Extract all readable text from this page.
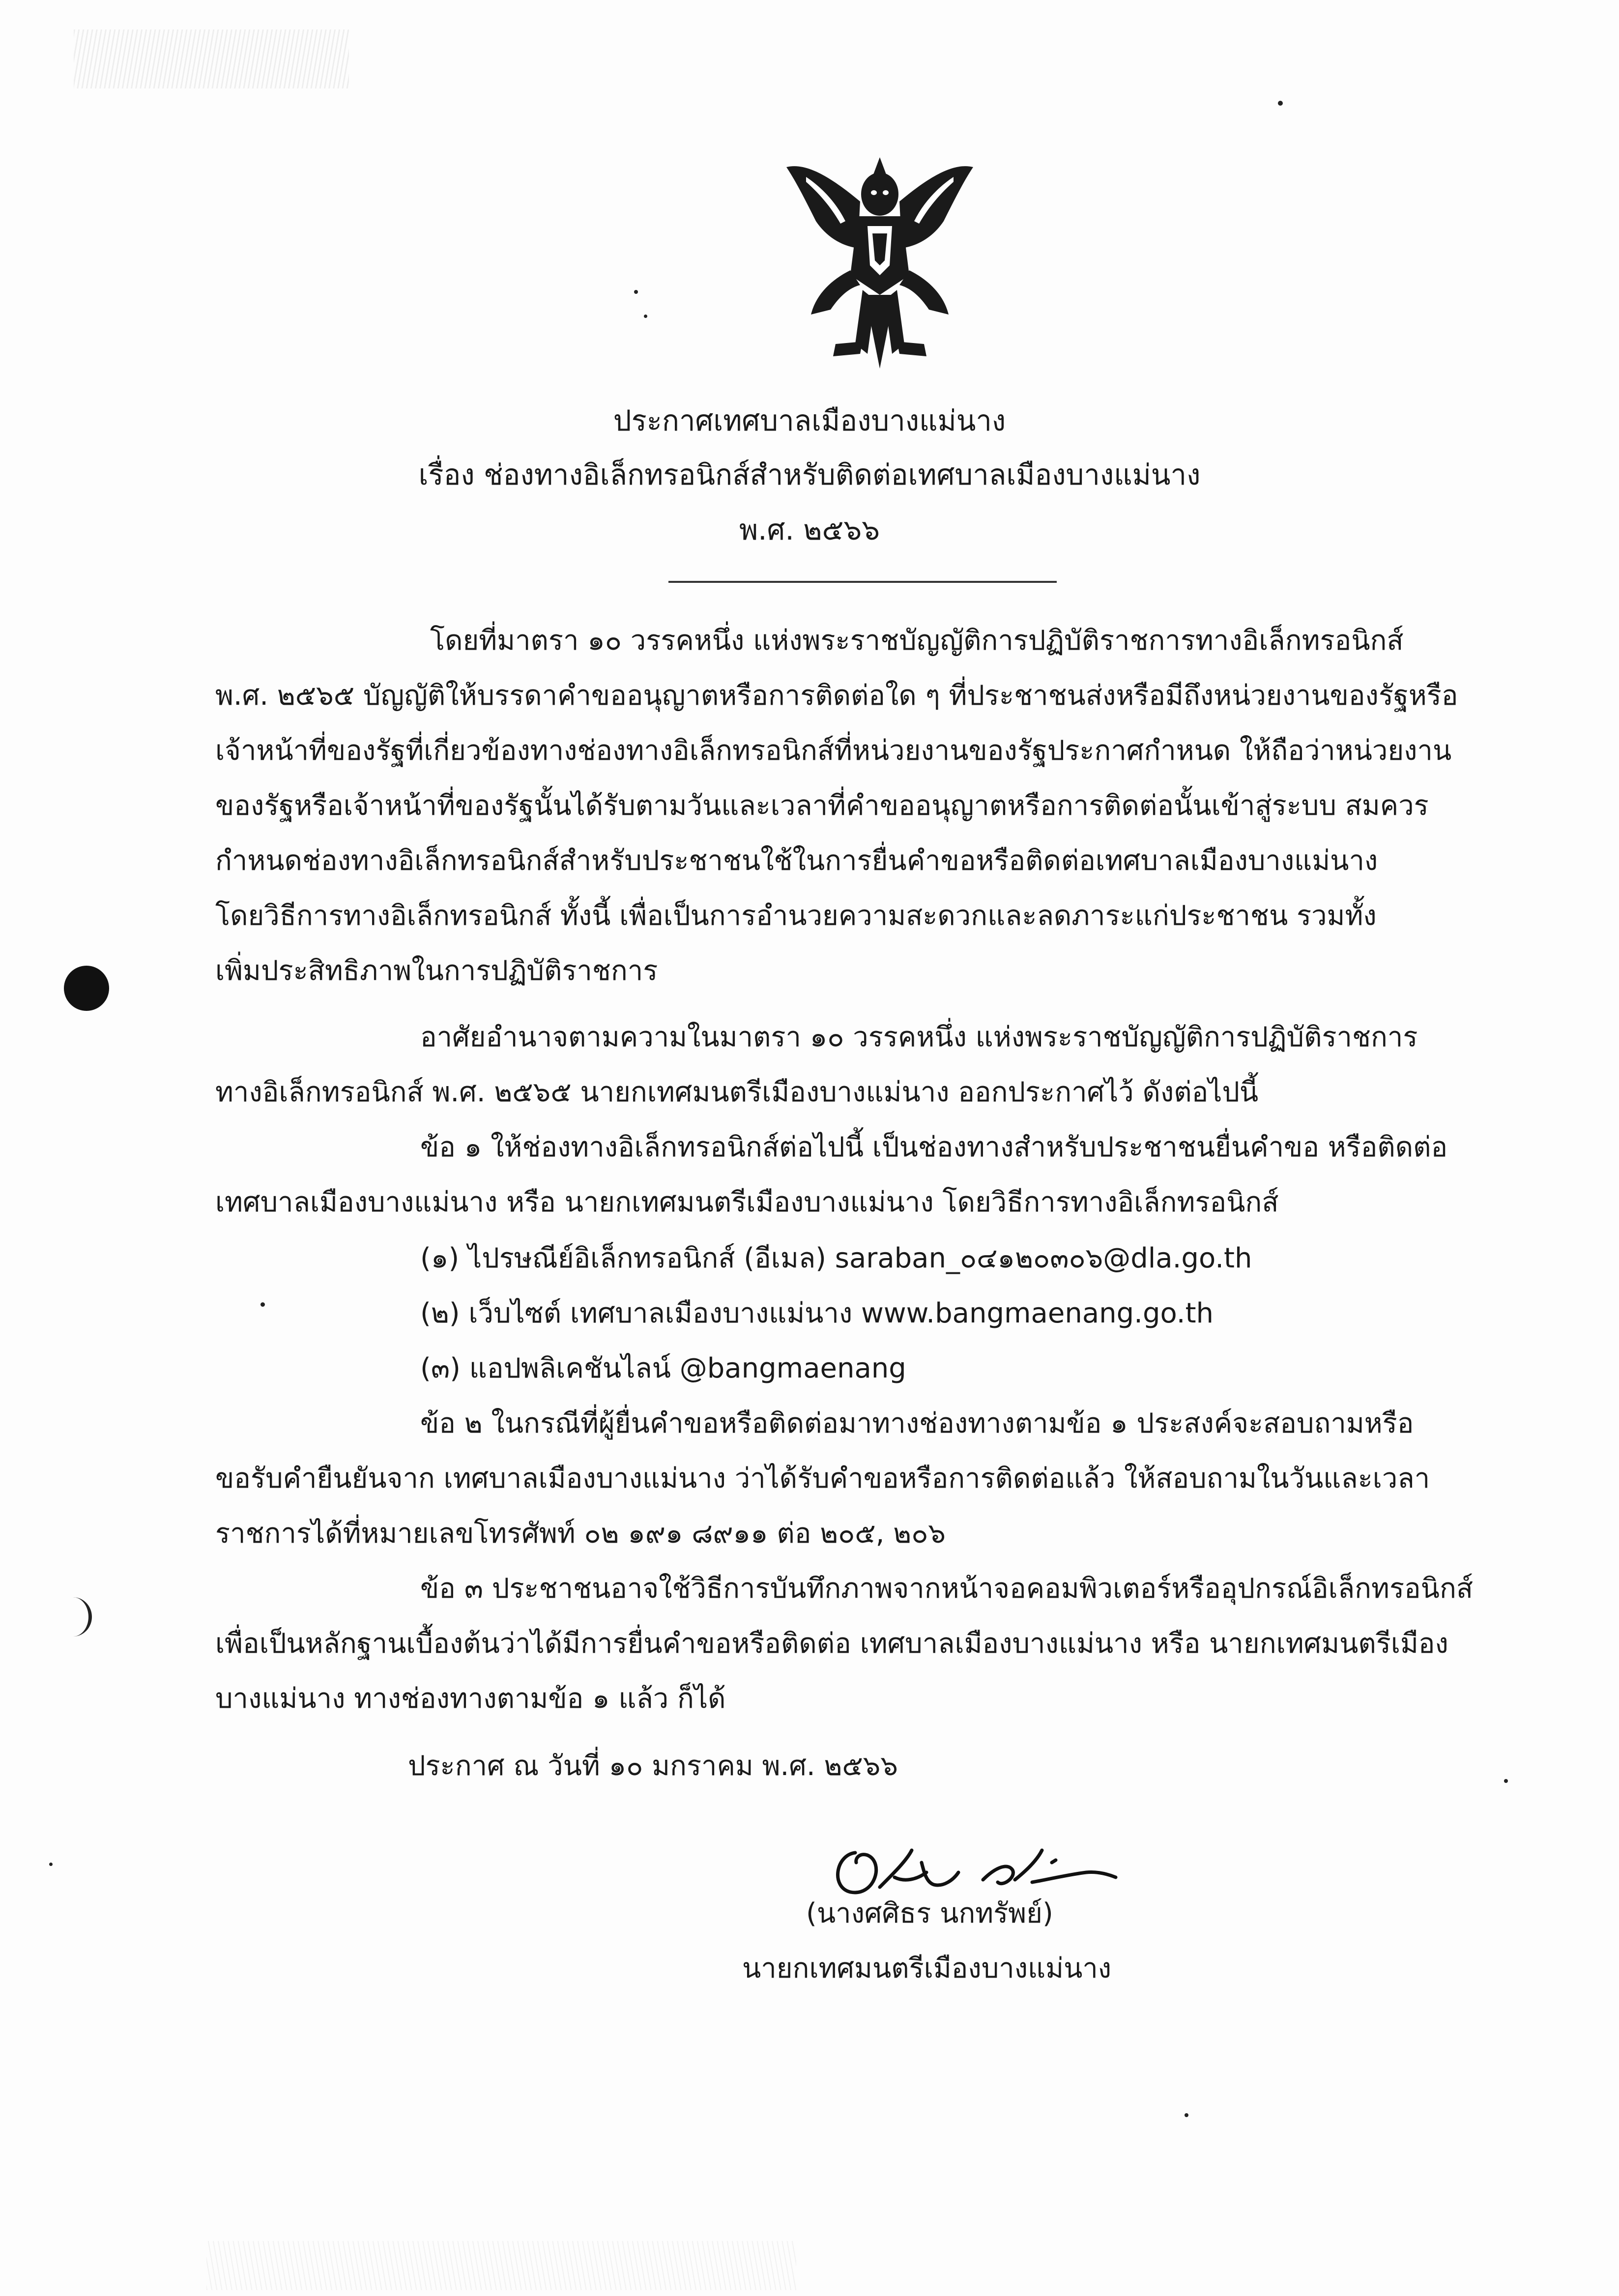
ประกาศเทศบาลเมืองบางแม่นาง
เรื่อง ช่องทางอิเล็กทรอนิกส์สำหรับติดต่อเทศบาลเมืองบางแม่นาง
พ.ศ. ๒๕๖๖
โดยที่มาตรา ๑๐ วรรคหนึ่ง แห่งพระราชบัญญัติการปฏิบัติราชการทางอิเล็กทรอนิกส์
พ.ศ. ๒๕๖๕ บัญญัติให้บรรดาคำขออนุญาตหรือการติดต่อใด ๆ ที่ประชาชนส่งหรือมีถึงหน่วยงานของรัฐหรือ
เจ้าหน้าที่ของรัฐที่เกี่ยวข้องทางช่องทางอิเล็กทรอนิกส์ที่หน่วยงานของรัฐประกาศกำหนด ให้ถือว่าหน่วยงาน
ของรัฐหรือเจ้าหน้าที่ของรัฐนั้นได้รับตามวันและเวลาที่คำขออนุญาตหรือการติดต่อนั้นเข้าสู่ระบบ สมควร
กำหนดช่องทางอิเล็กทรอนิกส์สำหรับประชาชนใช้ในการยื่นคำขอหรือติดต่อเทศบาลเมืองบางแม่นาง
โดยวิธีการทางอิเล็กทรอนิกส์ ทั้งนี้ เพื่อเป็นการอำนวยความสะดวกและลดภาระแก่ประชาชน รวมทั้ง
เพิ่มประสิทธิภาพในการปฏิบัติราชการ
อาศัยอำนาจตามความในมาตรา ๑๐ วรรคหนึ่ง แห่งพระราชบัญญัติการปฏิบัติราชการ
ทางอิเล็กทรอนิกส์ พ.ศ. ๒๕๖๕ นายกเทศมนตรีเมืองบางแม่นาง ออกประกาศไว้ ดังต่อไปนี้
ข้อ ๑ ให้ช่องทางอิเล็กทรอนิกส์ต่อไปนี้ เป็นช่องทางสำหรับประชาชนยื่นคำขอ หรือติดต่อ
เทศบาลเมืองบางแม่นาง หรือ นายกเทศมนตรีเมืองบางแม่นาง โดยวิธีการทางอิเล็กทรอนิกส์
(๑) ไปรษณีย์อิเล็กทรอนิกส์ (อีเมล) saraban_๐๔๑๒๐๓๐๖@dla.go.th
(๒) เว็บไซต์ เทศบาลเมืองบางแม่นาง www.bangmaenang.go.th
(๓) แอปพลิเคชันไลน์ @bangmaenang
ข้อ ๒ ในกรณีที่ผู้ยื่นคำขอหรือติดต่อมาทางช่องทางตามข้อ ๑ ประสงค์จะสอบถามหรือ
ขอรับคำยืนยันจาก เทศบาลเมืองบางแม่นาง ว่าได้รับคำขอหรือการติดต่อแล้ว ให้สอบถามในวันและเวลา
ราชการได้ที่หมายเลขโทรศัพท์ ๐๒ ๑๙๑ ๘๙๑๑ ต่อ ๒๐๕, ๒๐๖
ข้อ ๓ ประชาชนอาจใช้วิธีการบันทึกภาพจากหน้าจอคอมพิวเตอร์หรืออุปกรณ์อิเล็กทรอนิกส์
เพื่อเป็นหลักฐานเบื้องต้นว่าได้มีการยื่นคำขอหรือติดต่อ เทศบาลเมืองบางแม่นาง หรือ นายกเทศมนตรีเมือง
บางแม่นาง ทางช่องทางตามข้อ ๑ แล้ว ก็ได้
ประกาศ ณ วันที่ ๑๐ มกราคม พ.ศ. ๒๕๖๖
(นางศศิธร นกทรัพย์)
นายกเทศมนตรีเมืองบางแม่นาง
